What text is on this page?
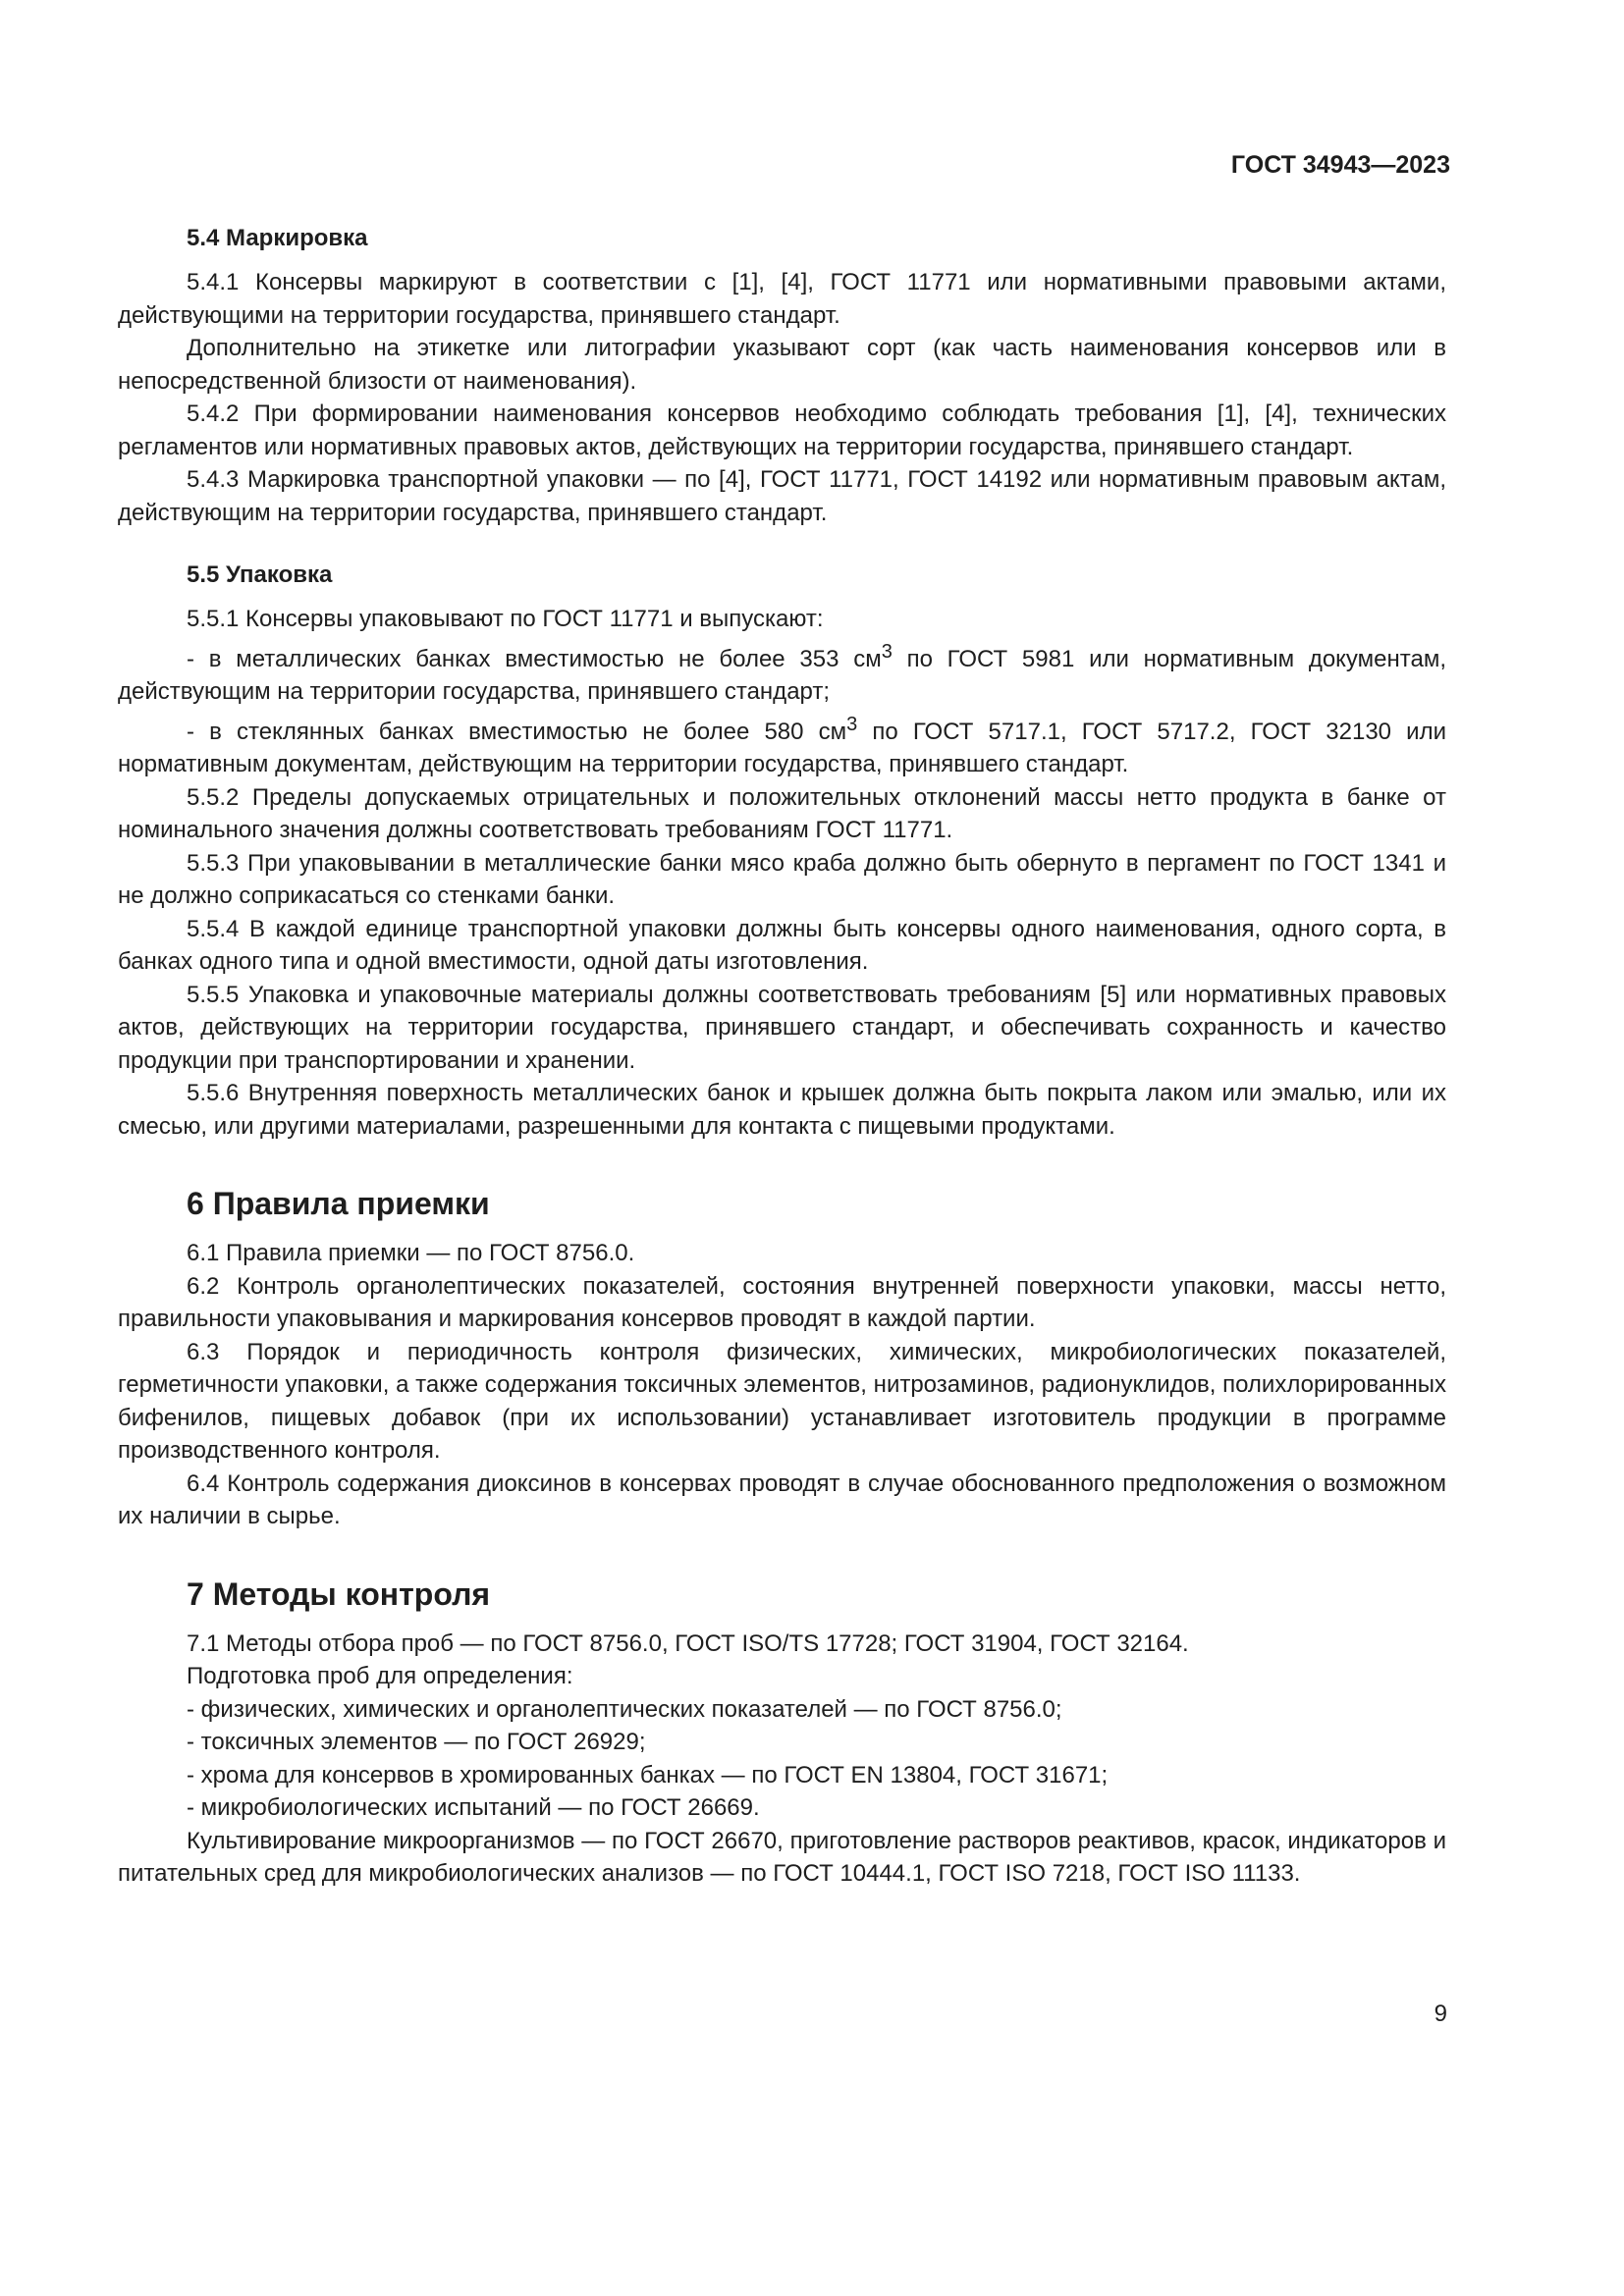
ГОСТ 34943—2023
5.4 Маркировка

5.4.1 Консервы маркируют в соответствии с [1], [4], ГОСТ 11771 или нормативными правовыми актами, действующими на территории государства, принявшего стандарт.

Дополнительно на этикетке или литографии указывают сорт (как часть наименования консервов или в непосредственной близости от наименования).

5.4.2 При формировании наименования консервов необходимо соблюдать требования [1], [4], технических регламентов или нормативных правовых актов, действующих на территории государства, принявшего стандарт.

5.4.3 Маркировка транспортной упаковки — по [4], ГОСТ 11771, ГОСТ 14192 или нормативным правовым актам, действующим на территории государства, принявшего стандарт.

5.5 Упаковка

5.5.1 Консервы упаковывают по ГОСТ 11771 и выпускают:

- в металлических банках вместимостью не более 353 $см^3$ по ГОСТ 5981 или нормативным документам, действующим на территории государства, принявшего стандарт;

- в стеклянных банках вместимостью не более 580 $см^3$ по ГОСТ 5717.1, ГОСТ 5717.2, ГОСТ 32130 или нормативным документам, действующим на территории государства, принявшего стандарт.

5.5.2 Пределы допускаемых отрицательных и положительных отклонений массы нетто продукта в банке от номинального значения должны соответствовать требованиям ГОСТ 11771.

5.5.3 При упаковывании в металлические банки мясо краба должно быть обернуто в пергамент по ГОСТ 1341 и не должно соприкасаться со стенками банки.

5.5.4 В каждой единице транспортной упаковки должны быть консервы одного наименования, одного сорта, в банках одного типа и одной вместимости, одной даты изготовления.

5.5.5 Упаковка и упаковочные материалы должны соответствовать требованиям [5] или нормативных правовых актов, действующих на территории государства, принявшего стандарт, и обеспечивать сохранность и качество продукции при транспортировании и хранении.

5.5.6 Внутренняя поверхность металлических банок и крышек должна быть покрыта лаком или эмалью, или их смесью, или другими материалами, разрешенными для контакта с пищевыми продуктами.

6 Правила приемки

6.1 Правила приемки — по ГОСТ 8756.0.

6.2 Контроль органолептических показателей, состояния внутренней поверхности упаковки, массы нетто, правильности упаковывания и маркирования консервов проводят в каждой партии.

6.3 Порядок и периодичность контроля физических, химических, микробиологических показателей, герметичности упаковки, а также содержания токсичных элементов, нитрозаминов, радионуклидов, полихлорированных бифенилов, пищевых добавок (при их использовании) устанавливает изготовитель продукции в программе производственного контроля.

6.4 Контроль содержания диоксинов в консервах проводят в случае обоснованного предположения о возможном их наличии в сырье.

7 Методы контроля

7.1 Методы отбора проб — по ГОСТ 8756.0, ГОСТ ISO/TS 17728; ГОСТ 31904, ГОСТ 32164.

Подготовка проб для определения:

- физических, химических и органолептических показателей — по ГОСТ 8756.0;

- токсичных элементов — по ГОСТ 26929;

- хрома для консервов в хромированных банках — по ГОСТ EN 13804, ГОСТ 31671;

- микробиологических испытаний — по ГОСТ 26669.

Культивирование микроорганизмов — по ГОСТ 26670, приготовление растворов реактивов, красок, индикаторов и питательных сред для микробиологических анализов — по ГОСТ 10444.1, ГОСТ ISO 7218, ГОСТ ISO 11133.

9
